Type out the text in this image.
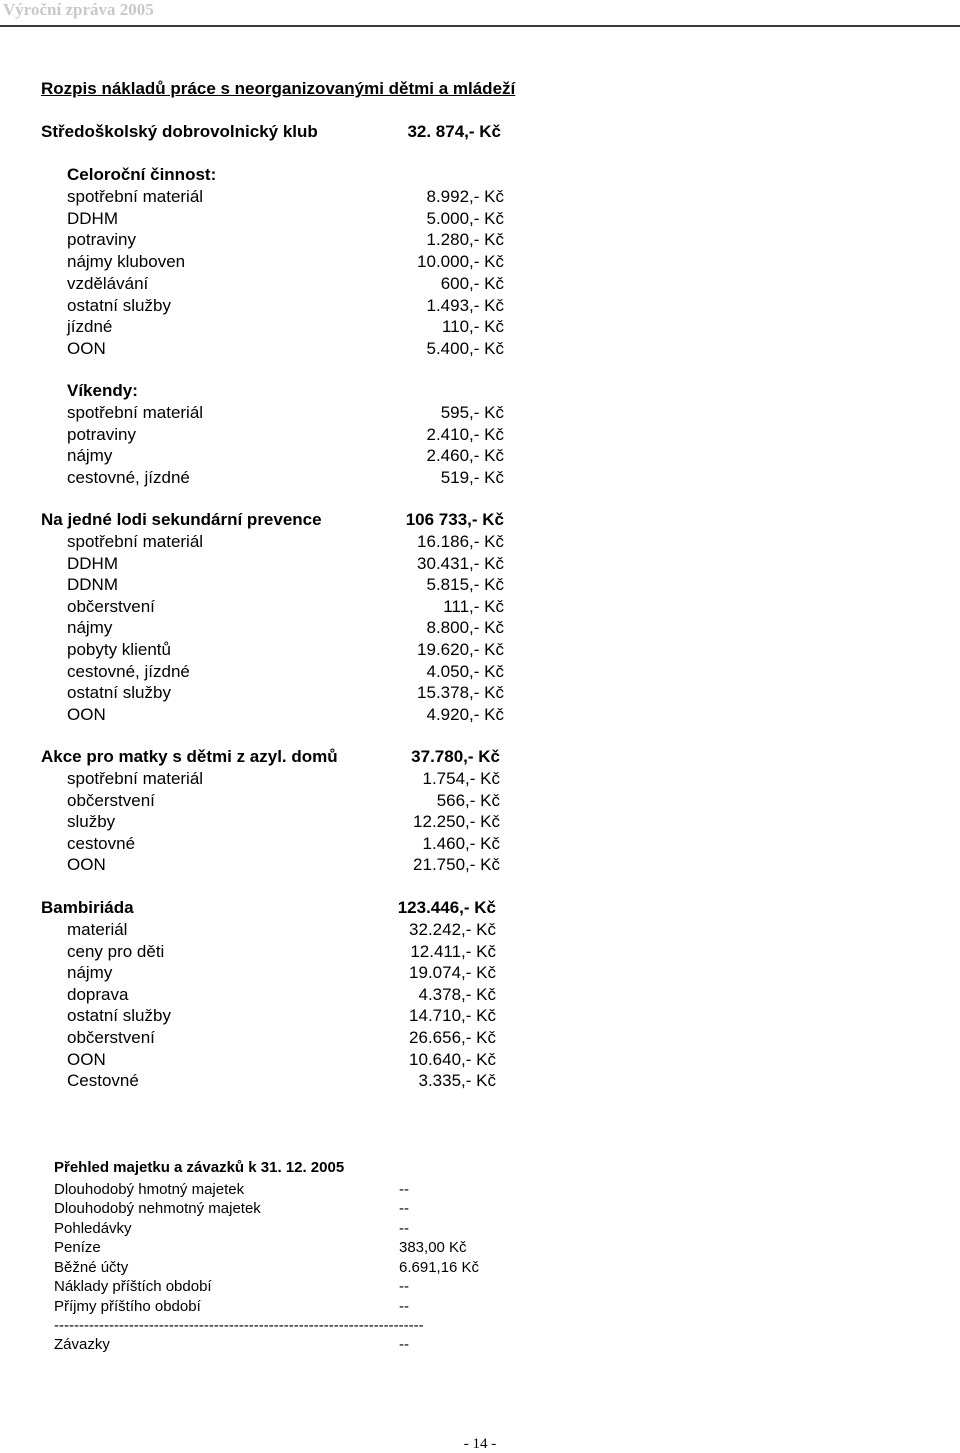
Výroční zpráva 2005
Rozpis nákladů práce s neorganizovanými dětmi a mládeží
Středoškolský dobrovolnický klub	32. 874,- Kč
Celoroční činnost:
spotřební materiál	8.992,- Kč
DDHM	5.000,- Kč
potraviny	1.280,- Kč
nájmy kluboven	10.000,- Kč
vzdělávání	600,- Kč
ostatní služby	1.493,- Kč
jízdné	110,- Kč
OON	5.400,- Kč
Víkendy:
spotřební materiál	595,- Kč
potraviny	2.410,- Kč
nájmy	2.460,- Kč
cestovné, jízdné	519,- Kč
Na jedné lodi sekundární prevence	106 733,- Kč
spotřební materiál	16.186,- Kč
DDHM	30.431,- Kč
DDNM	5.815,- Kč
občerstvení	111,- Kč
nájmy	8.800,- Kč
pobyty klientů	19.620,- Kč
cestovné, jízdné	4.050,- Kč
ostatní služby	15.378,- Kč
OON	4.920,- Kč
Akce pro matky s dětmi z azyl. domů	37.780,- Kč
spotřební materiál	1.754,- Kč
občerstvení	566,- Kč
služby	12.250,- Kč
cestovné	1.460,- Kč
OON	21.750,- Kč
Bambiriáda	123.446,- Kč
materiál	32.242,- Kč
ceny pro děti	12.411,- Kč
nájmy	19.074,- Kč
doprava	4.378,- Kč
ostatní služby	14.710,- Kč
občerstvení	26.656,- Kč
OON	10.640,- Kč
Cestovné	3.335,- Kč
Přehled majetku a závazků k 31. 12. 2005
Dlouhodobý hmotný majetek	--
Dlouhodobý nehmotný majetek	--
Pohledávky	--
Peníze	383,00 Kč
Běžné účty	6.691,16 Kč
Náklady příštích období	--
Příjmy příštího období	--
--------------------------------------------------------------------------
Závazky	--
- 14 -
